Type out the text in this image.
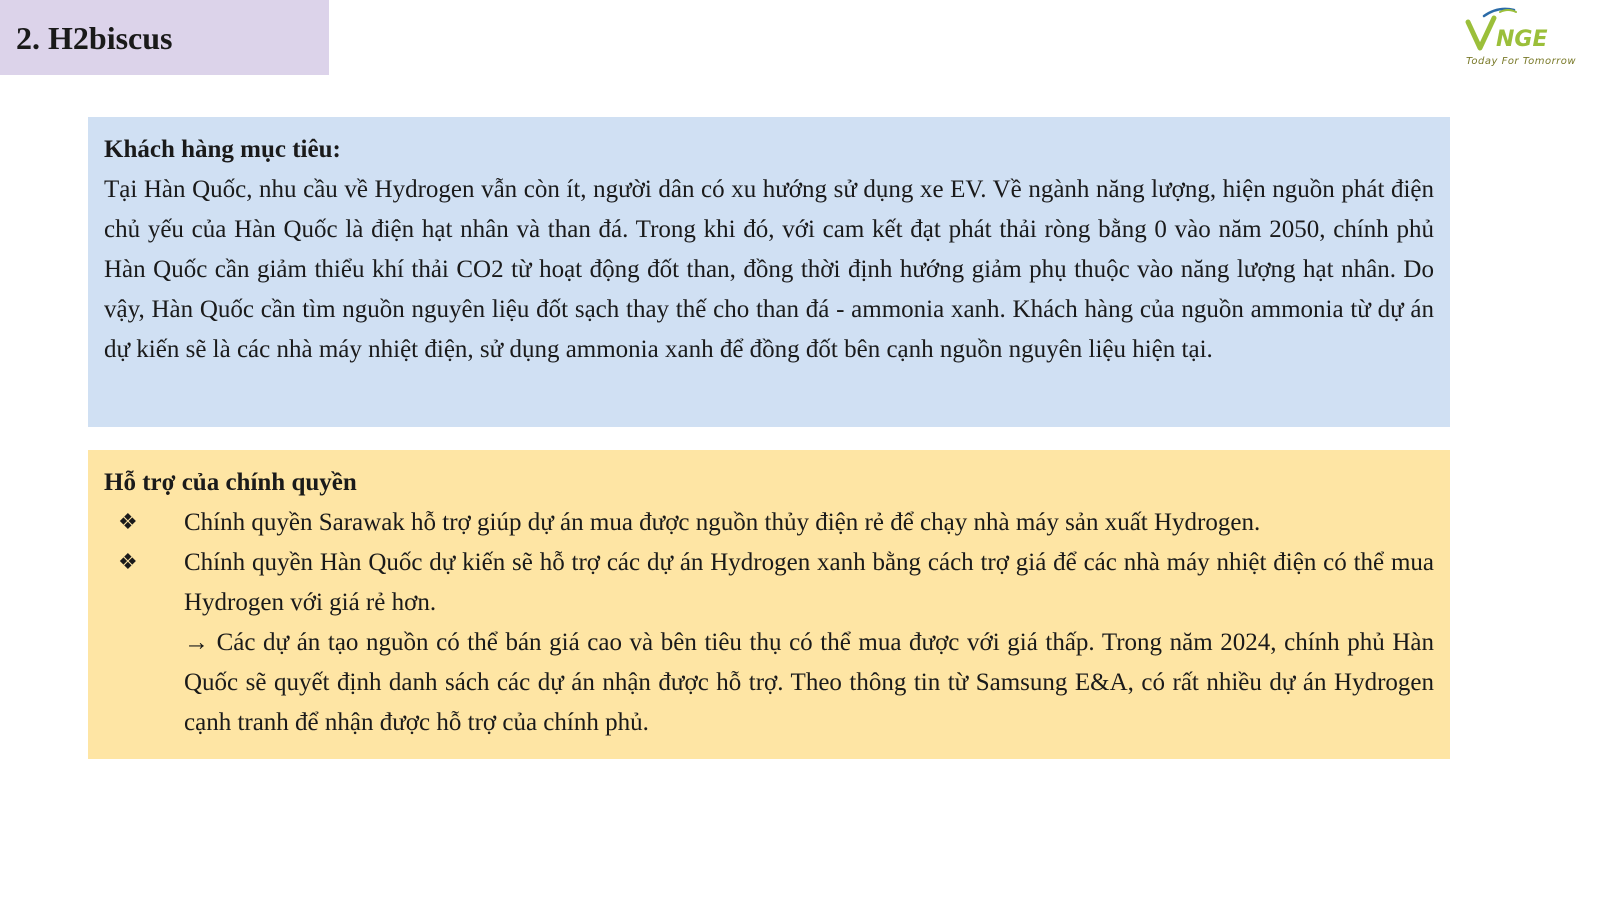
2. H2biscus	NGE
Today For Tomorrow
Khách hàng mục tiêu:

Tại Hàn Quốc, nhu cầu về Hydrogen vẫn còn ít, người dân có xu hướng sử dụng xe EV. Về ngành năng lượng, hiện nguồn phát điện chủ yếu của Hàn Quốc là điện hạt nhân và than đá. Trong khi đó, với cam kết đạt phát thải ròng bằng 0 vào năm 2050, chính phủ Hàn Quốc cần giảm thiểu khí thải CO2 từ hoạt động đốt than, đồng thời định hướng giảm phụ thuộc vào năng lượng hạt nhân. Do vậy, Hàn Quốc cần tìm nguồn nguyên liệu đốt sạch thay thế cho than đá - ammonia xanh. Khách hàng của nguồn ammonia từ dự án dự kiến sẽ là các nhà máy nhiệt điện, sử dụng ammonia xanh để đồng đốt bên cạnh nguồn nguyên liệu hiện tại.

Hỗ trợ của chính quyền
❖	Chính quyền Sarawak hỗ trợ giúp dự án mua được nguồn thủy điện rẻ để chạy nhà máy sản xuất Hydrogen.
❖	Chính quyền Hàn Quốc dự kiến sẽ hỗ trợ các dự án Hydrogen xanh bằng cách trợ giá để các nhà máy nhiệt điện có thể mua Hydrogen với giá rẻ hơn.
→ Các dự án tạo nguồn có thể bán giá cao và bên tiêu thụ có thể mua được với giá thấp. Trong năm 2024, chính phủ Hàn Quốc sẽ quyết định danh sách các dự án nhận được hỗ trợ. Theo thông tin từ Samsung E&A, có rất nhiều dự án Hydrogen cạnh tranh để nhận được hỗ trợ của chính phủ.
